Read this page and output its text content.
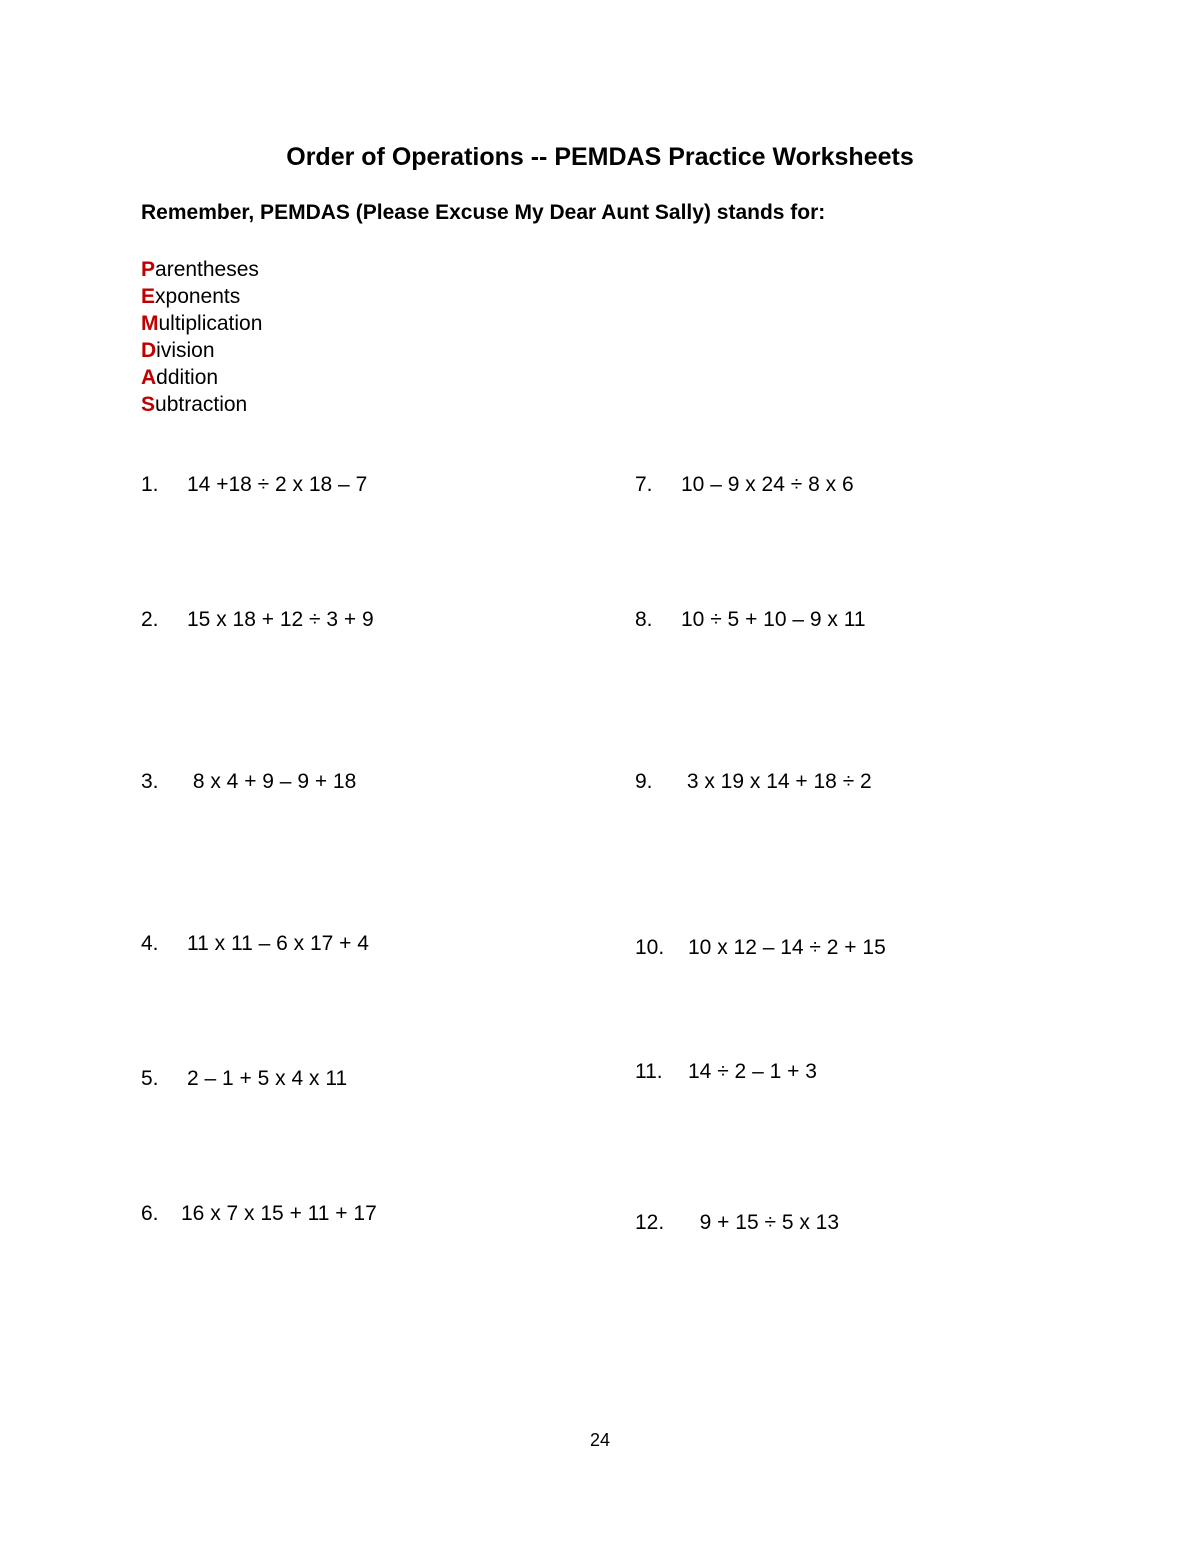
Order of Operations -- PEMDAS Practice Worksheets
Remember, PEMDAS (Please Excuse My Dear Aunt Sally) stands for:
Parentheses
Exponents
Multiplication
Division
Addition
Subtraction
1. 14 +18 ÷ 2 x 18 – 7
2. 15 x 18 + 12 ÷ 3 + 9
3. 8 x 4 + 9 – 9 + 18
4. 11 x 11 – 6 x 17 + 4
5. 2 – 1 + 5 x 4 x 11
6. 16 x 7 x 15 + 11 + 17
7. 10 – 9 x 24 ÷ 8 x 6
8. 10 ÷ 5 + 10 – 9 x 11
9. 3 x 19 x 14 + 18 ÷ 2
10. 10 x 12 – 14 ÷ 2 + 15
11. 14 ÷ 2 – 1 + 3
12.  9 + 15 ÷ 5 x 13
24
